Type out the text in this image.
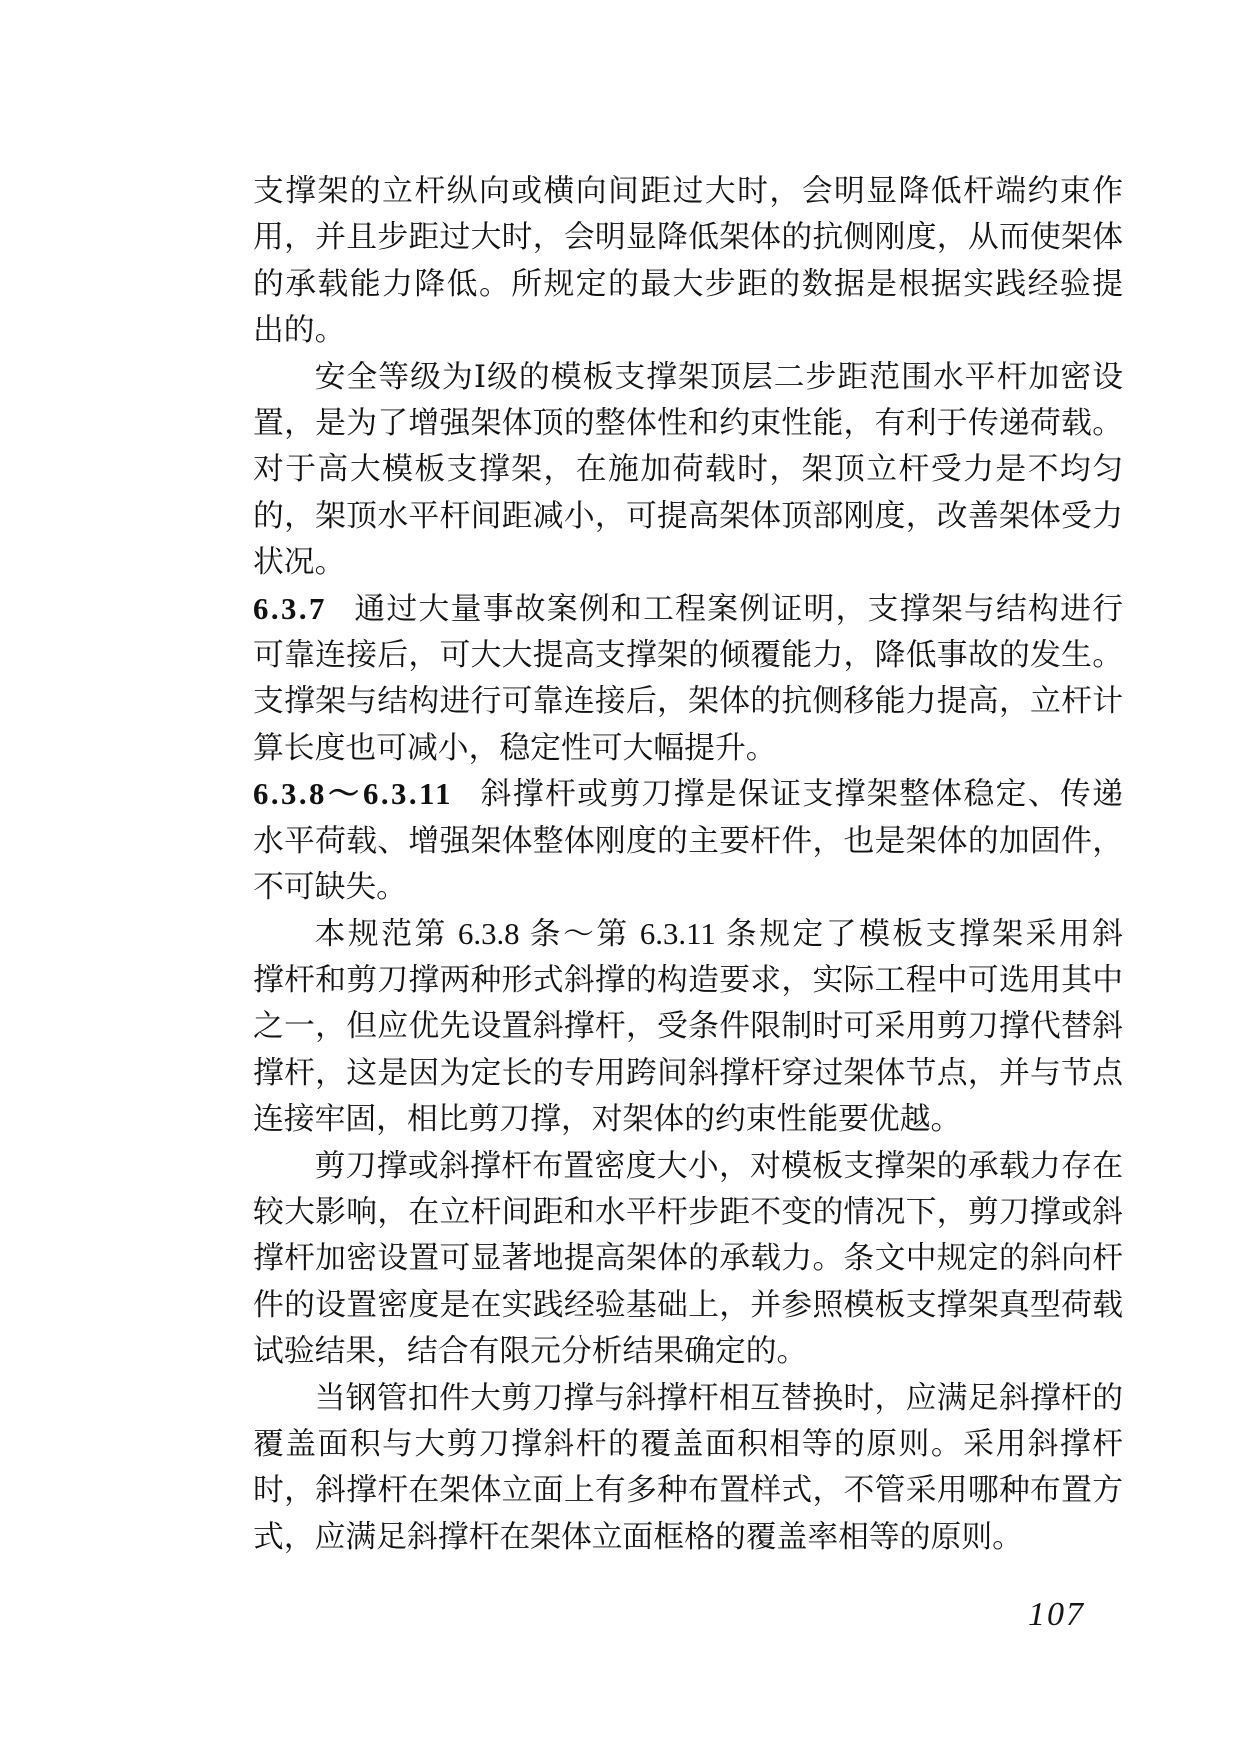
支撑架的立杆纵向或横向间距过大时，会明显降低杆端约束作
用，并且步距过大时，会明显降低架体的抗侧刚度，从而使架体
的承载能力降低。所规定的最大步距的数据是根据实践经验提
出的。
安全等级为Ⅰ级的模板支撑架顶层二步距范围水平杆加密设
置，是为了增强架体顶的整体性和约束性能，有利于传递荷载。
对于高大模板支撑架，在施加荷载时，架顶立杆受力是不均匀
的，架顶水平杆间距减小，可提高架体顶部刚度，改善架体受力
状况。
6.3.7 通过大量事故案例和工程案例证明，支撑架与结构进行
可靠连接后，可大大提高支撑架的倾覆能力，降低事故的发生。
支撑架与结构进行可靠连接后，架体的抗侧移能力提高，立杆计
算长度也可减小，稳定性可大幅提升。
6.3.8～6.3.11 斜撑杆或剪刀撑是保证支撑架整体稳定、传递
水平荷载、增强架体整体刚度的主要杆件，也是架体的加固件，
不可缺失。
本规范第 6.3.8 条～第 6.3.11 条规定了模板支撑架采用斜
撑杆和剪刀撑两种形式斜撑的构造要求，实际工程中可选用其中
之一，但应优先设置斜撑杆，受条件限制时可采用剪刀撑代替斜
撑杆，这是因为定长的专用跨间斜撑杆穿过架体节点，并与节点
连接牢固，相比剪刀撑，对架体的约束性能要优越。
剪刀撑或斜撑杆布置密度大小，对模板支撑架的承载力存在
较大影响，在立杆间距和水平杆步距不变的情况下，剪刀撑或斜
撑杆加密设置可显著地提高架体的承载力。条文中规定的斜向杆
件的设置密度是在实践经验基础上，并参照模板支撑架真型荷载
试验结果，结合有限元分析结果确定的。
当钢管扣件大剪刀撑与斜撑杆相互替换时，应满足斜撑杆的
覆盖面积与大剪刀撑斜杆的覆盖面积相等的原则。采用斜撑杆
时，斜撑杆在架体立面上有多种布置样式，不管采用哪种布置方
式，应满足斜撑杆在架体立面框格的覆盖率相等的原则。
107
